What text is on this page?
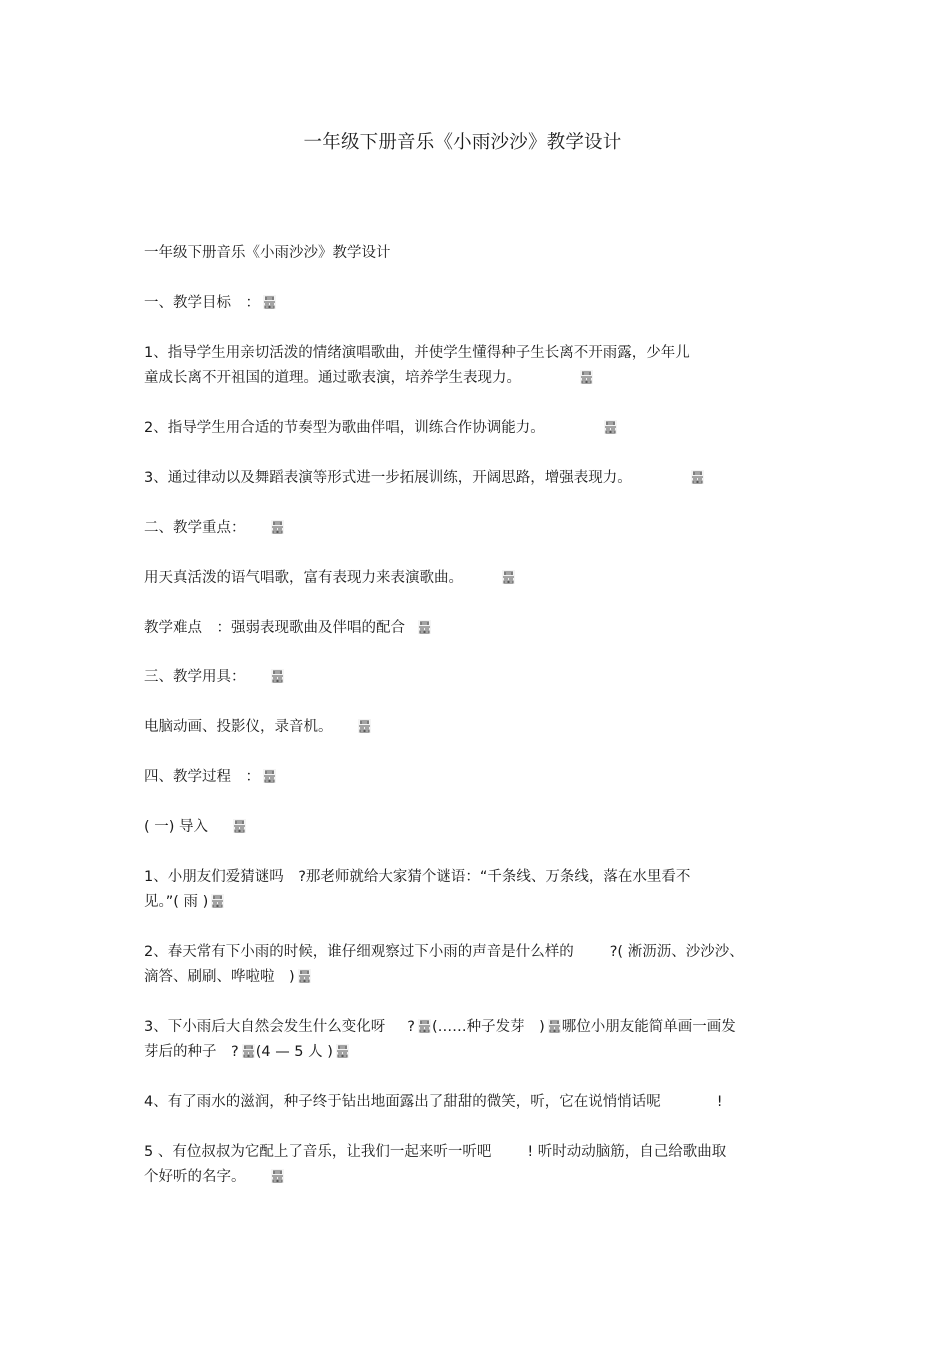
一年级下册音乐《小雨沙沙》教学设计
一年级下册音乐《小雨沙沙》教学设计
一、教学目标　：
1、指导学生用亲切活泼的情绪演唱歌曲，并使学生懂得种子生长离不开雨露，少年儿
童成长离不开祖国的道理。通过歌表演，培养学生表现力。
2、指导学生用合适的节奏型为歌曲伴唱，训练合作协调能力。
3、通过律动以及舞蹈表演等形式进一步拓展训练，开阔思路，增强表现力。
二、教学重点：
用天真活泼的语气唱歌，富有表现力来表演歌曲。
教学难点　：强弱表现歌曲及伴唱的配合
三、教学用具：
电脑动画、投影仪，录音机。
四、教学过程　：
( 一) 导入
1、小朋友们爱猜谜吗　?那老师就给大家猜个谜语：“千条线、万条线，落在水里看不
见。”( 雨 )
2、春天常有下小雨的时候，谁仔细观察过下小雨的声音是什么样的 ?( 淅沥沥、沙沙沙、
滴答、刷刷、哗啦啦　)
3、下小雨后大自然会发生什么变化呀 ? (……种子发芽　) 哪位小朋友能简单画一画发
芽后的种子　? (4 — 5 人 )
4、有了雨水的滋润，种子终于钻出地面露出了甜甜的微笑，听，它在说悄悄话呢	!
5 、有位叔叔为它配上了音乐，让我们一起来听一听吧 ! 听时动动脑筋，自己给歌曲取
个好听的名字。
